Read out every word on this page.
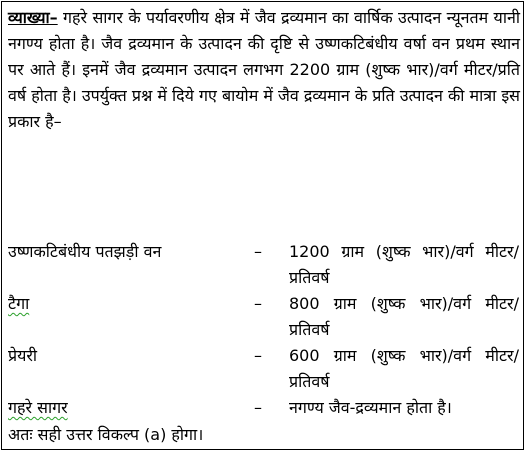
व्याख्या– गहरे सागर के पर्यावरणीय क्षेत्र में जैव द्रव्यमान का वार्षिक उत्पादन न्यूनतम यानी नगण्य होता है। जैव द्रव्यमान के उत्पादन की दृष्टि से उष्णकटिबंधीय वर्षा वन प्रथम स्थान पर आते हैं। इनमें जैव द्रव्यमान उत्पादन लगभग 2200 ग्राम (शुष्क भार)/वर्ग मीटर/प्रति वर्ष होता है। उपर्युक्त प्रश्न में दिये गए बायोम में जैव द्रव्यमान के प्रति उत्पादन की मात्रा इस प्रकार है–
उष्णकटिबंधीय पतझड़ी वन	– 1200 ग्राम (शुष्क भार)/वर्ग मीटर/प्रतिवर्ष
टैगा	– 800 ग्राम (शुष्क भार)/वर्ग मीटर/प्रतिवर्ष
प्रेयरी	– 600 ग्राम (शुष्क भार)/वर्ग मीटर/प्रतिवर्ष
गहरे सागर	– नगण्य जैव-द्रव्यमान होता है।
अतः सही उत्तर विकल्प (a) होगा।
